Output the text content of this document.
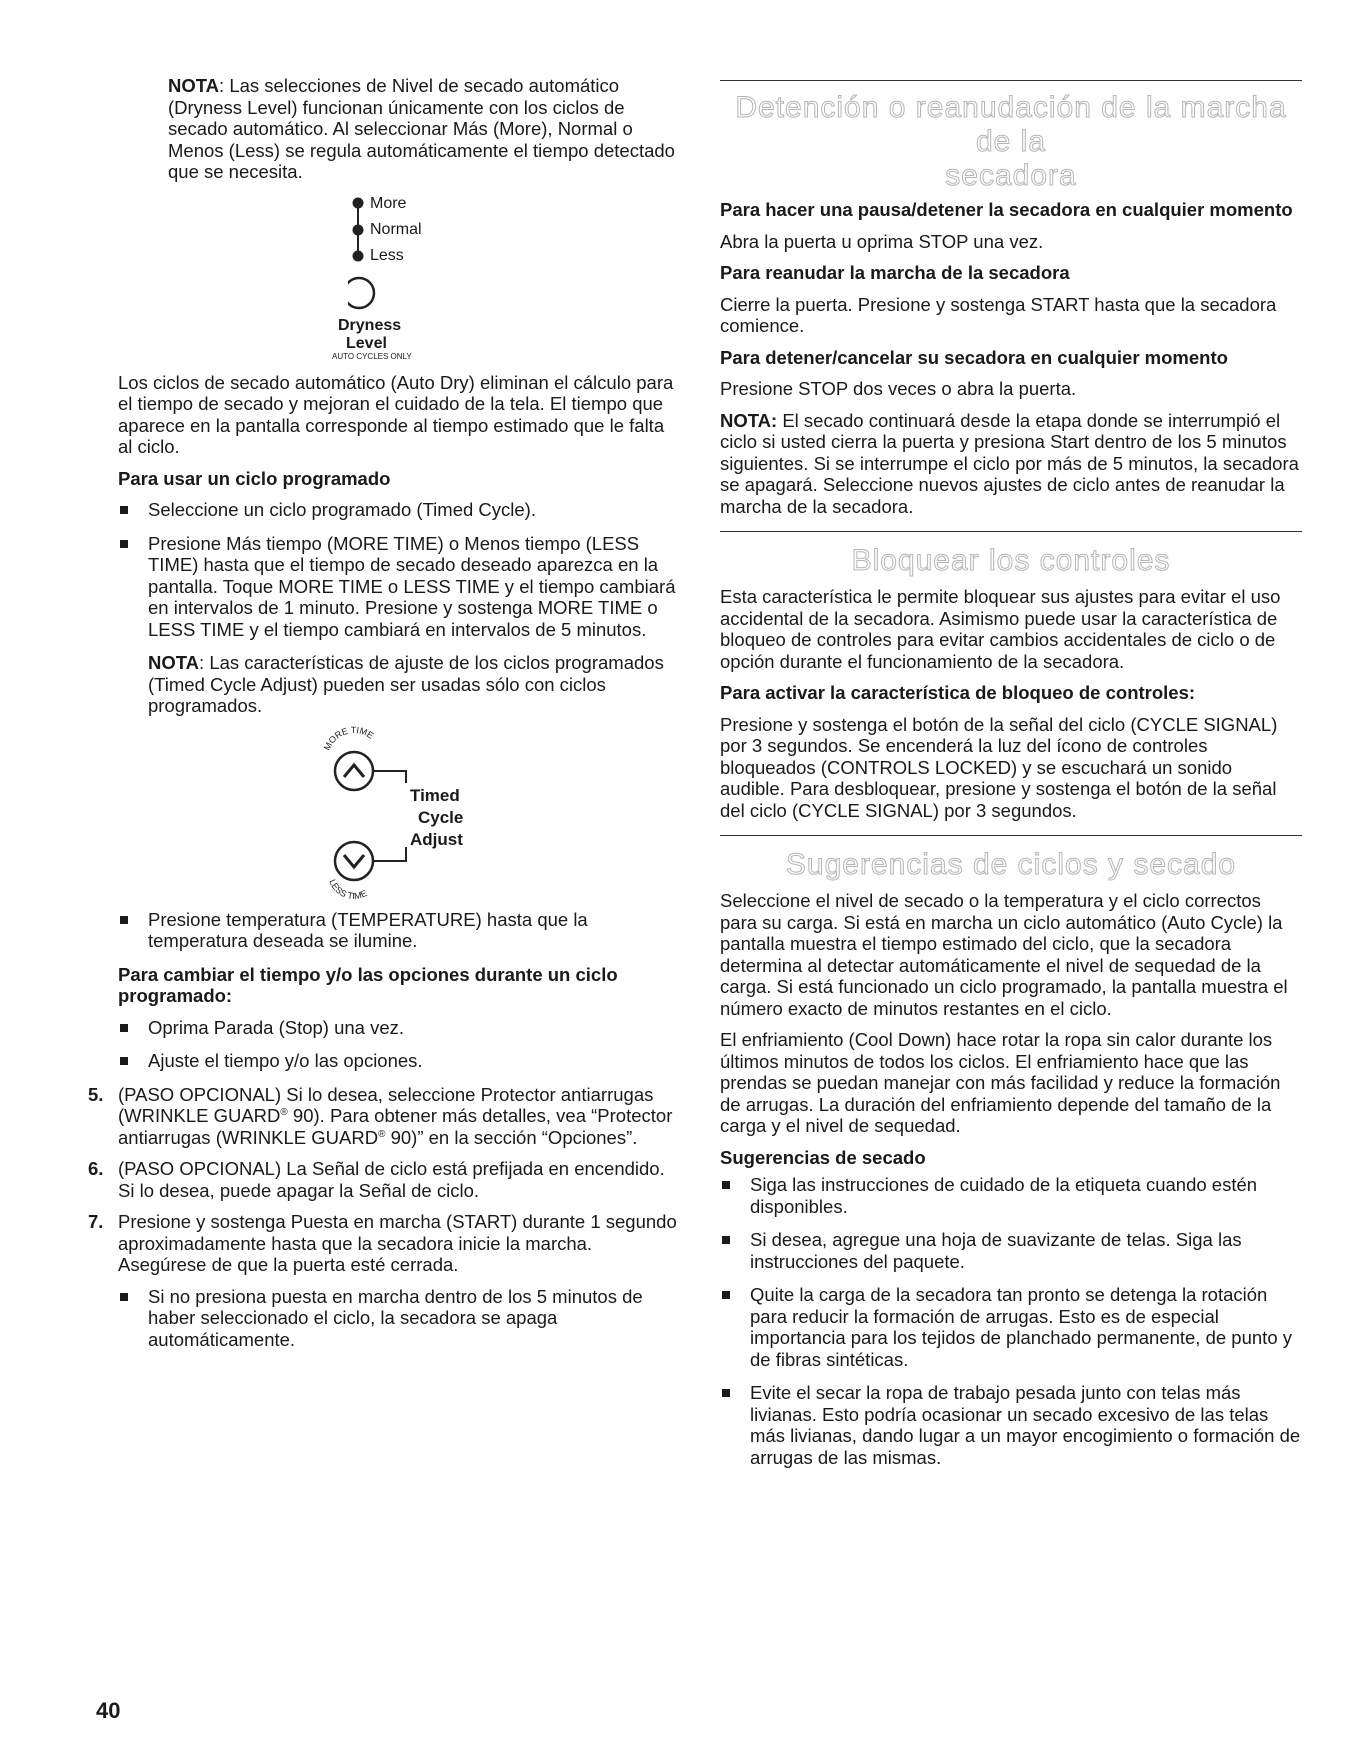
NOTA: Las selecciones de Nivel de secado automático (Dryness Level) funcionan únicamente con los ciclos de secado automático. Al seleccionar Más (More), Normal o Menos (Less) se regula automáticamente el tiempo detectado que se necesita.

More
Normal
Less
Dryness
Level
AUTO CYCLES ONLY

Los ciclos de secado automático (Auto Dry) eliminan el cálculo para el tiempo de secado y mejoran el cuidado de la tela. El tiempo que aparece en la pantalla corresponde al tiempo estimado que le falta al ciclo.

Para usar un ciclo programado
Seleccione un ciclo programado (Timed Cycle).
Presione Más tiempo (MORE TIME) o Menos tiempo (LESS TIME) hasta que el tiempo de secado deseado aparezca en la pantalla. Toque MORE TIME o LESS TIME y el tiempo cambiará en intervalos de 1 minuto. Presione y sostenga MORE TIME o LESS TIME y el tiempo cambiará en intervalos de 5 minutos.

NOTA: Las características de ajuste de los ciclos programados (Timed Cycle Adjust) pueden ser usadas sólo con ciclos programados.

MORE TIME
LESS TIME
Timed
Cycle
Adjust
Presione temperatura (TEMPERATURE) hasta que la temperatura deseada se ilumine.
Para cambiar el tiempo y/o las opciones durante un ciclo programado:
Oprima Parada (Stop) una vez.
Ajuste el tiempo y/o las opciones.
5. (PASO OPCIONAL) Si lo desea, seleccione Protector antiarrugas (WRINKLE GUARD® 90). Para obtener más detalles, vea “Protector antiarrugas (WRINKLE GUARD® 90)” en la sección “Opciones”.
6. (PASO OPCIONAL) La Señal de ciclo está prefijada en encendido. Si lo desea, puede apagar la Señal de ciclo.
7. Presione y sostenga Puesta en marcha (START) durante 1 segundo aproximadamente hasta que la secadora inicie la marcha. Asegúrese de que la puerta esté cerrada.
Si no presiona puesta en marcha dentro de los 5 minutos de haber seleccionado el ciclo, la secadora se apaga automáticamente.
Detención o reanudación de la marcha de la
secadora
Para hacer una pausa/detener la secadora en cualquier momento

Abra la puerta u oprima STOP una vez.

Para reanudar la marcha de la secadora

Cierre la puerta. Presione y sostenga START hasta que la secadora comience.

Para detener/cancelar su secadora en cualquier momento

Presione STOP dos veces o abra la puerta.

NOTA: El secado continuará desde la etapa donde se interrumpió el ciclo si usted cierra la puerta y presiona Start dentro de los 5 minutos siguientes. Si se interrumpe el ciclo por más de 5 minutos, la secadora se apagará. Seleccione nuevos ajustes de ciclo antes de reanudar la marcha de la secadora.

Bloquear los controles

Esta característica le permite bloquear sus ajustes para evitar el uso accidental de la secadora. Asimismo puede usar la característica de bloqueo de controles para evitar cambios accidentales de ciclo o de opción durante el funcionamiento de la secadora.

Para activar la característica de bloqueo de controles:

Presione y sostenga el botón de la señal del ciclo (CYCLE SIGNAL) por 3 segundos. Se encenderá la luz del ícono de controles bloqueados (CONTROLS LOCKED) y se escuchará un sonido audible. Para desbloquear, presione y sostenga el botón de la señal del ciclo (CYCLE SIGNAL) por 3 segundos.

Sugerencias de ciclos y secado

Seleccione el nivel de secado o la temperatura y el ciclo correctos para su carga. Si está en marcha un ciclo automático (Auto Cycle) la pantalla muestra el tiempo estimado del ciclo, que la secadora determina al detectar automáticamente el nivel de sequedad de la carga. Si está funcionado un ciclo programado, la pantalla muestra el número exacto de minutos restantes en el ciclo.

El enfriamiento (Cool Down) hace rotar la ropa sin calor durante los últimos minutos de todos los ciclos. El enfriamiento hace que las prendas se puedan manejar con más facilidad y reduce la formación de arrugas. La duración del enfriamiento depende del tamaño de la carga y el nivel de sequedad.

Sugerencias de secado
Siga las instrucciones de cuidado de la etiqueta cuando estén disponibles.
Si desea, agregue una hoja de suavizante de telas. Siga las instrucciones del paquete.
Quite la carga de la secadora tan pronto se detenga la rotación para reducir la formación de arrugas. Esto es de especial importancia para los tejidos de planchado permanente, de punto y de fibras sintéticas.
Evite el secar la ropa de trabajo pesada junto con telas más livianas. Esto podría ocasionar un secado excesivo de las telas más livianas, dando lugar a un mayor encogimiento o formación de arrugas de las mismas.
40
